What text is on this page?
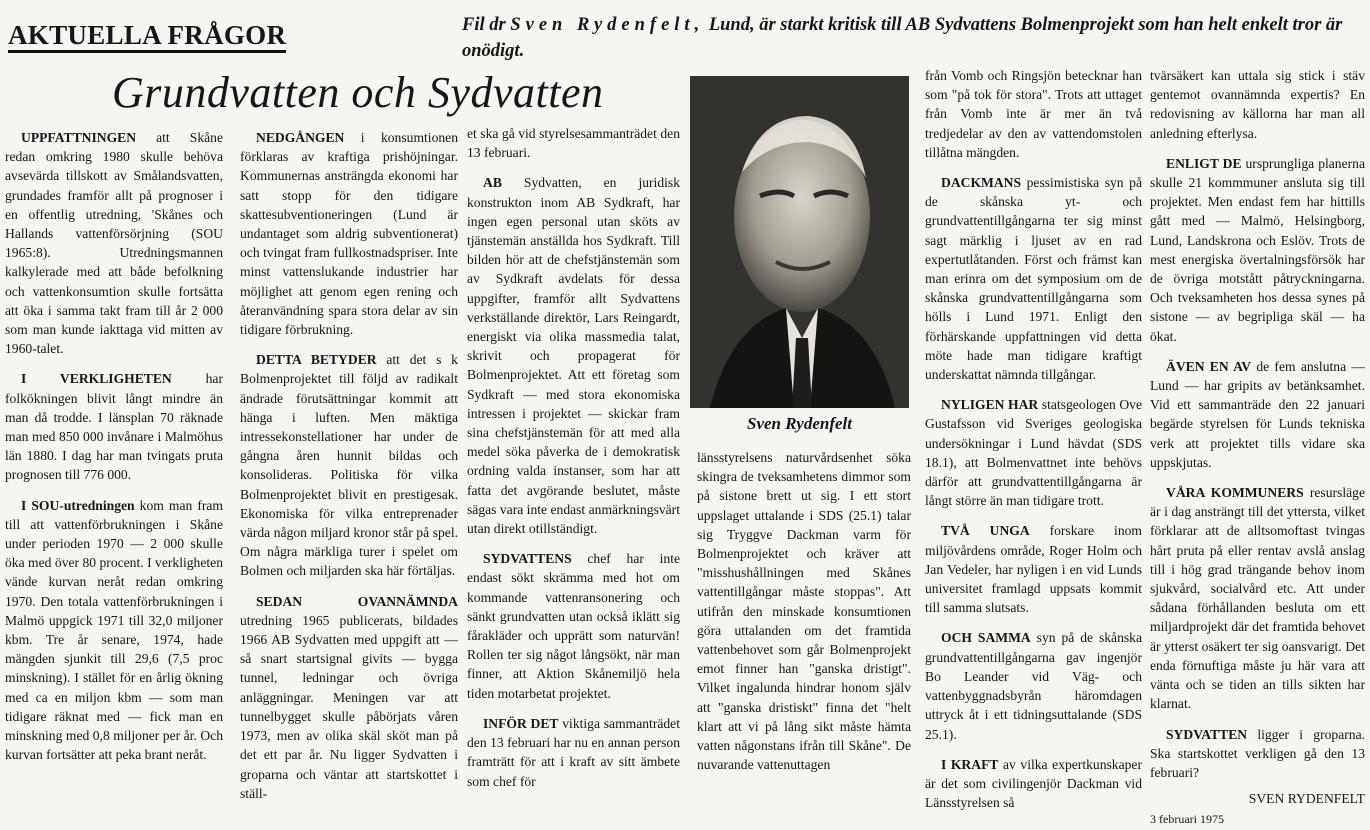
AKTUELLA FRÅGOR	Fil dr Sven Rydenfelt, Lund, är starkt kritisk till AB Sydvattens Bolmenprojekt som han helt enkelt tror är onödigt.
Grundvatten och Sydvatten

UPPFATTNINGEN att Skåne redan omkring 1980 skulle behöva avsevärda tillskott av Smålandsvatten, grundades framför allt på prognoser i en offentlig utredning, 'Skånes och Hallands vattenförsörjning (SOU 1965:8). Utredningsmannen kalkylerade med att både befolkning och vattenkonsumtion skulle fortsätta att öka i samma takt fram till år 2 000 som man kunde iakttaga vid mitten av 1960-talet.

I VERKLIGHETEN har folkökningen blivit långt mindre än man då trodde. I länsplan 70 räknade man med 850 000 invånare i Malmöhus län 1880. I dag har man tvingats pruta prognosen till 776 000.

I SOU-utredningen kom man fram till att vattenförbrukningen i Skåne under perioden 1970 — 2 000 skulle öka med över 80 procent. I verkligheten vände kurvan neråt redan omkring 1970. Den totala vattenförbrukningen i Malmö uppgick 1971 till 32,0 miljoner kbm. Tre år senare, 1974, hade mängden sjunkit till 29,6 (7,5 proc minskning). I stället för en årlig ökning med ca en miljon kbm — som man tidigare räknat med — fick man en minskning med 0,8 miljoner per år. Och kurvan fortsätter att peka brant neråt.

NEDGÅNGEN i konsumtionen förklaras av kraftiga prishöjningar. Kommunernas ansträngda ekonomi har satt stopp för den tidigare skattesubventioneringen (Lund är undantaget som aldrig subventionerat) och tvingat fram fullkostnadspriser. Inte minst vattenslukande industrier har möjlighet att genom egen rening och återanvändning spara stora delar av sin tidigare förbrukning.

DETTA BETYDER att det s k Bolmenprojektet till följd av radikalt ändrade förutsättningar kommit att hänga i luften. Men mäktiga intressekonstellationer har under de gångna åren hunnit bildas och konsolideras. Politiska för vilka Bolmenprojektet blivit en prestigesak. Ekonomiska för vilka entreprenader värda någon miljard kronor står på spel. Om några märkliga turer i spelet om Bolmen och miljarden ska här förtäljas.

SEDAN OVANNÄMNDA utredning 1965 publicerats, bildades 1966 AB Sydvatten med uppgift att — så snart startsignal givits — bygga tunnel, ledningar och övriga anläggningar. Meningen var att tunnelbygget skulle påbörjats våren 1973, men av olika skäl sköt man på det ett par år. Nu ligger Sydvatten i groparna och väntar att startskottet i ställ-

et ska gå vid styrelsesammanträdet den 13 februari.

AB Sydvatten, en juridisk konstrukton inom AB Sydkraft, har ingen egen personal utan sköts av tjänstemän anställda hos Sydkraft. Till bilden hör att de chefstjänstemän som av Sydkraft avdelats för dessa uppgifter, framför allt Sydvattens verkställande direktör, Lars Reingardt, energiskt via olika massmedia talat, skrivit och propagerat för Bolmenprojektet. Att ett företag som Sydkraft — med stora ekonomiska intressen i projektet — skickar fram sina chefstjänstemän för att med alla medel söka påverka de i demokratisk ordning valda instanser, som har att fatta det avgörande beslutet, måste sägas vara inte endast anmärkningsvärt utan direkt otillständigt.

SYDVATTENS chef har inte endast sökt skrämma med hot om kommande vattenransonering och sänkt grundvatten utan också iklätt sig fårakläder och upprätt som naturvän! Rollen ter sig något långsökt, när man finner, att Aktion Skånemiljö hela tiden motarbetat projektet.

INFÖR DET viktiga sammanträdet den 13 februari har nu en annan person framträtt för att i kraft av sitt ämbete som chef för

Sven Rydenfelt

länsstyrelsens naturvårdsenhet söka skingra de tveksamhetens dimmor som på sistone brett ut sig. I ett stort uppslaget uttalande i SDS (25.1) talar sig Tryggve Dackman varm för Bolmenprojektet och kräver att "misshushållningen med Skånes vattentillgångar måste stoppas". Att utifrån den minskade konsumtionen göra uttalanden om det framtida vattenbehovet som går Bolmenprojekt emot finner han "ganska dristigt". Vilket ingalunda hindrar honom själv att "ganska dristiskt" finna det "helt klart att vi på lång sikt måste hämta vatten någonstans ifrån till Skåne". De nuvarande vattenuttagen

från Vomb och Ringsjön betecknar han som "på tok för stora". Trots att uttaget från Vomb inte är mer än två tredjedelar av den av vattendomstolen tillåtna mängden.

DACKMANS pessimistiska syn på de skånska yt- och grundvattentillgångarna ter sig minst sagt märklig i ljuset av en rad expertutlåtanden. Först och främst kan man erinra om det symposium om de skånska grundvattentillgångarna som hölls i Lund 1971. Enligt den förhärskande uppfattningen vid detta möte hade man tidigare kraftigt underskattat nämnda tillgångar.

NYLIGEN HAR statsgeologen Ove Gustafsson vid Sveriges geologiska undersökningar i Lund hävdat (SDS 18.1), att Bolmenvattnet inte behövs därför att grundvattentillgångarna är långt större än man tidigare trott.

TVÅ UNGA forskare inom miljövårdens område, Roger Holm och Jan Vedeler, har nyligen i en vid Lunds universitet framlagd uppsats kommit till samma slutsats.

OCH SAMMA syn på de skånska grundvattentillgångarna gav ingenjör Bo Leander vid Väg- och vattenbyggnadsbyrån häromdagen uttryck åt i ett tidningsuttalande (SDS 25.1).

I KRAFT av vilka expertkunskaper är det som civilingenjör Dackman vid Länsstyrelsen så

tvärsäkert kan uttala sig stick i stäv gentemot ovannämnda expertis? En redovisning av källorna har man all anledning efterlysa.

ENLIGT DE ursprungliga planerna skulle 21 kommmuner ansluta sig till projektet. Men endast fem har hittills gått med — Malmö, Helsingborg, Lund, Landskrona och Eslöv. Trots de mest energiska övertalningsförsök har de övriga motstått påtryckningarna. Och tveksamheten hos dessa synes på sistone — av begripliga skäl — ha ökat.

ÄVEN EN AV de fem anslutna — Lund — har gripits av betänksamhet. Vid ett sammanträde den 22 januari begärde styrelsen för Lunds tekniska verk att projektet tills vidare ska uppskjutas.

VÅRA KOMMUNERS resursläge är i dag ansträngt till det yttersta, vilket förklarar att de alltsomoftast tvingas hårt pruta på eller rentav avslå anslag till i hög grad trängande behov inom sjukvård, socialvård etc. Att under sådana förhållanden besluta om ett miljardprojekt där det framtida behovet är ytterst osäkert ter sig oansvarigt. Det enda förnuftiga måste ju här vara att vänta och se tiden an tills sikten har klarnat.

SYDVATTEN ligger i groparna. Ska startskottet verkligen gå den 13 februari?

SVEN RYDENFELT
3 februari 1975
